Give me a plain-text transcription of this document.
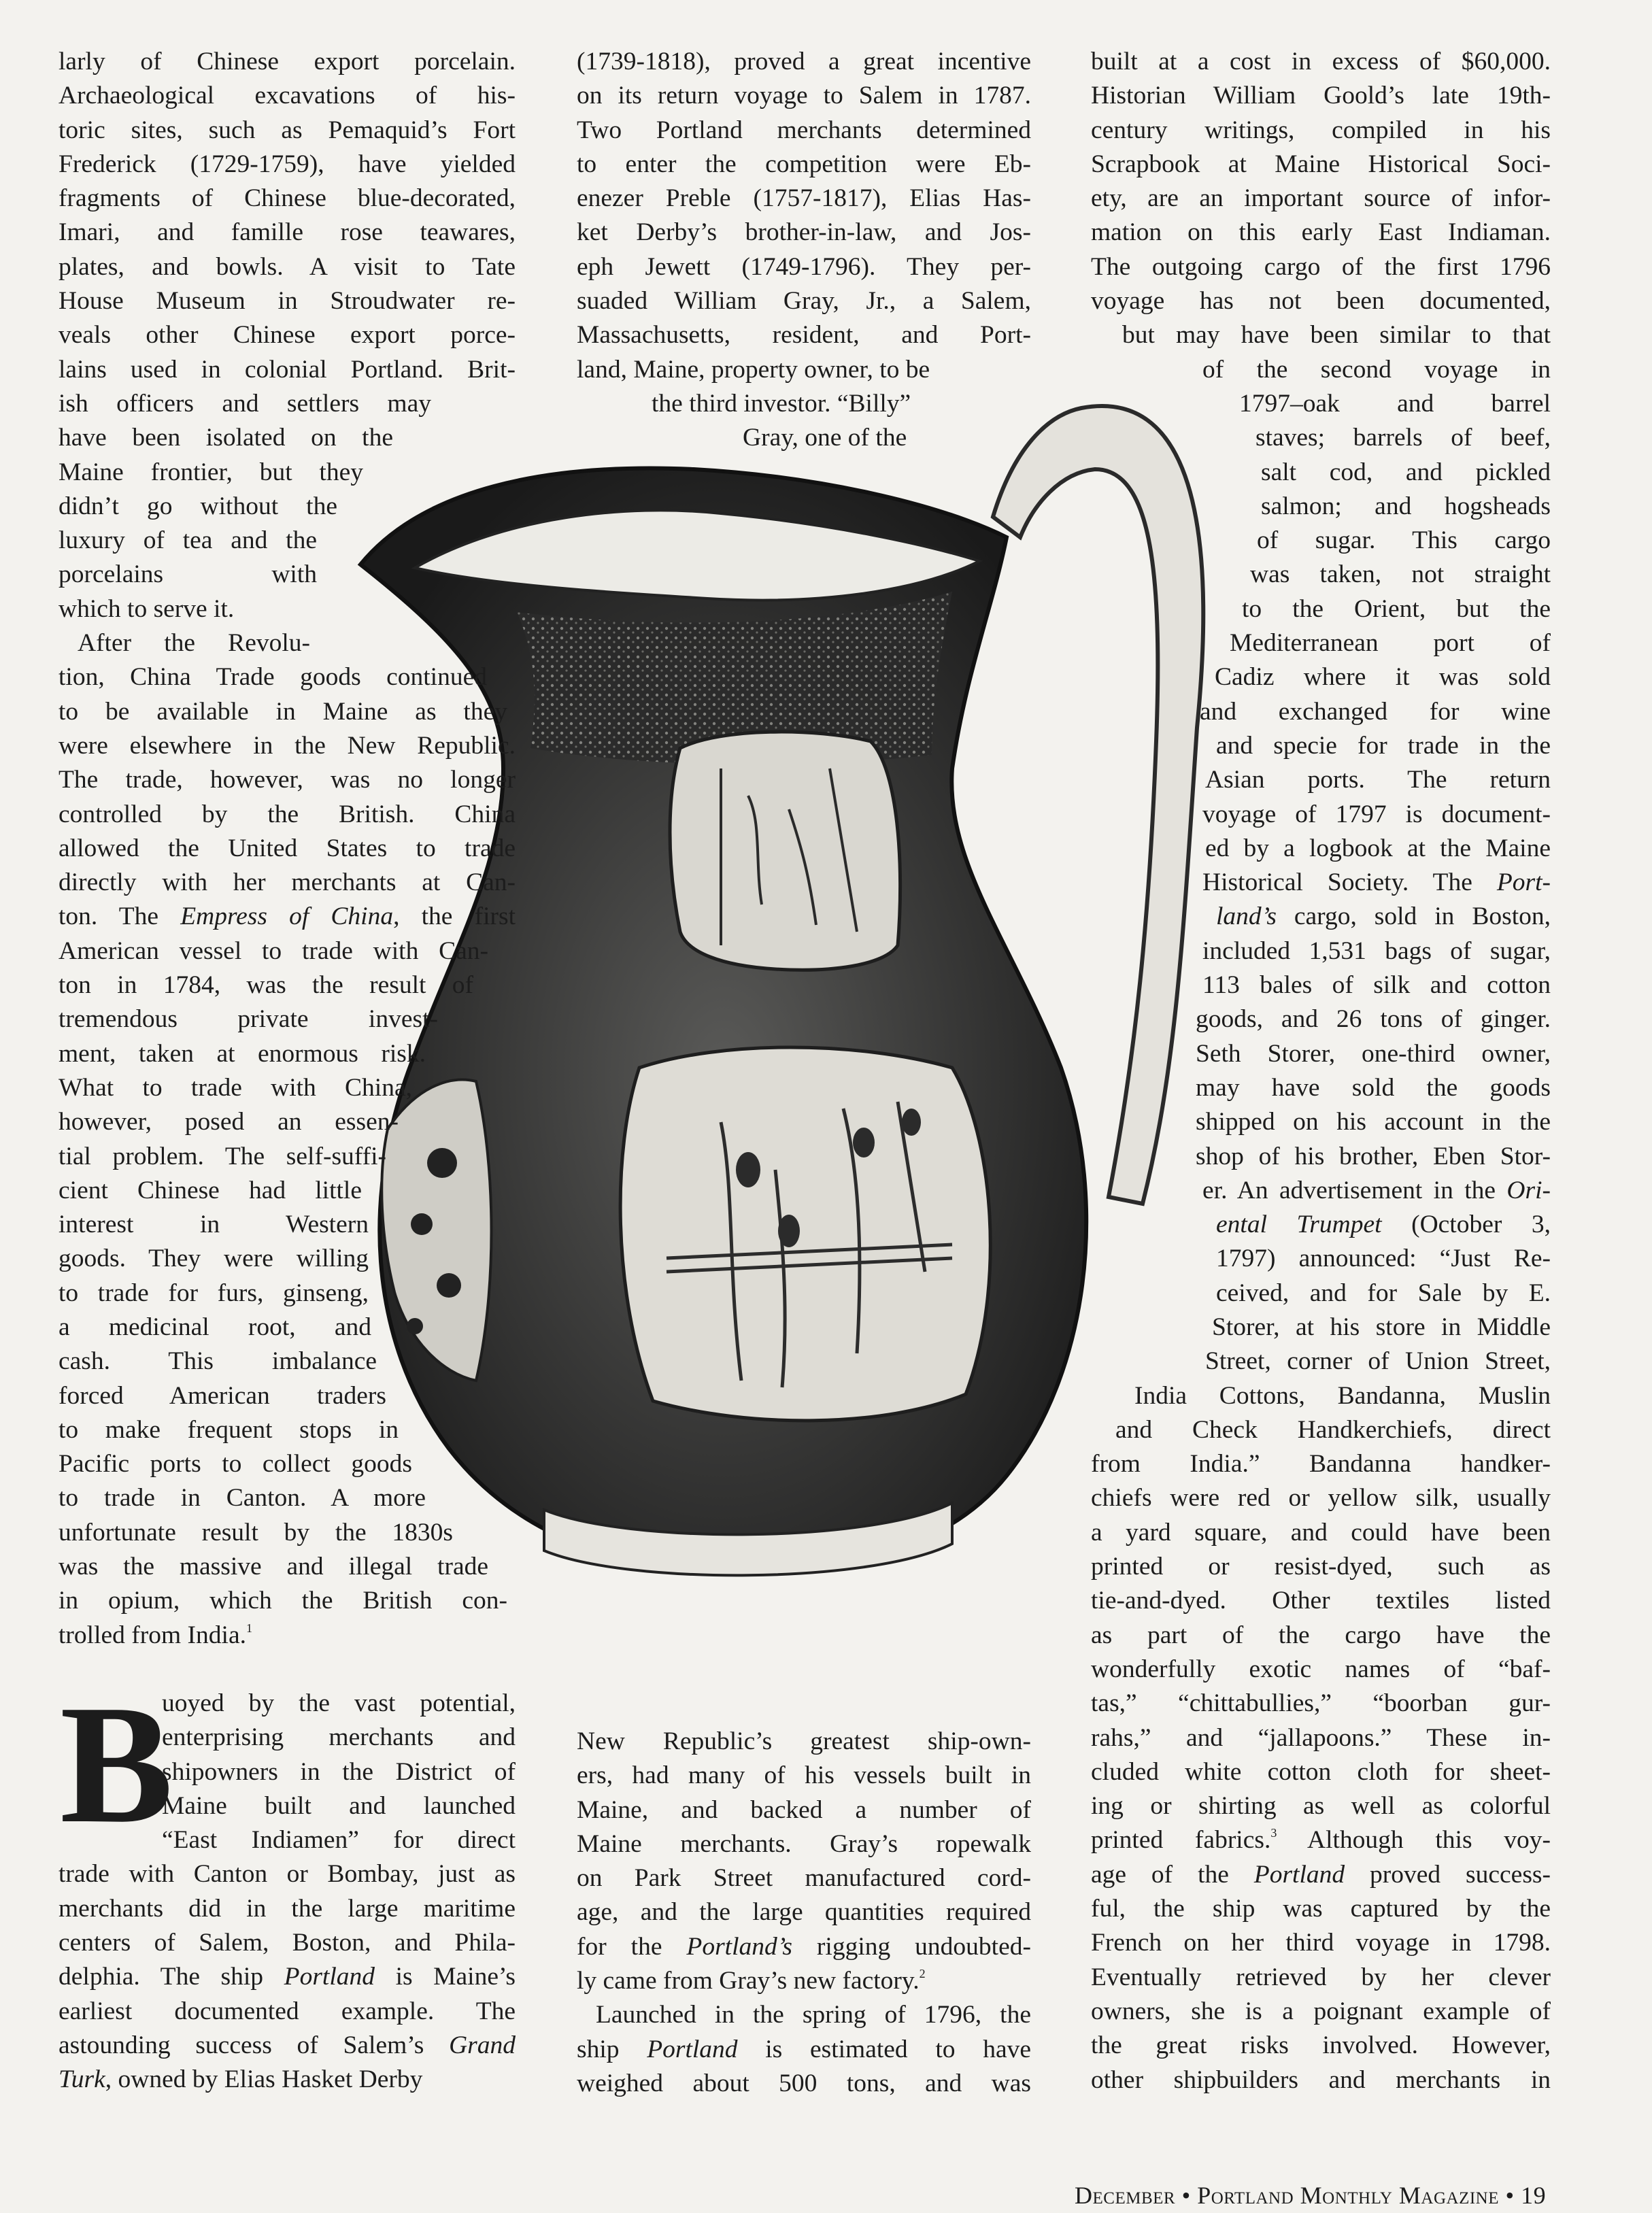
larly of Chinese export porcelain.
Archaeological excavations of his-
toric sites, such as Pemaquid’s Fort
Frederick (1729-1759), have yielded
fragments of Chinese blue-decorated,
Imari, and famille rose teawares,
plates, and bowls. A visit to Tate
House Museum in Stroudwater re-
veals other Chinese export porce-
lains used in colonial Portland. Brit-
ish officers and settlers may
have been isolated on the
Maine frontier, but they
didn’t go without the
luxury of tea and the
porcelains with
which to serve it.
After the Revolu-
tion, China Trade goods continued
to be available in Maine as they
were elsewhere in the New Republic.
The trade, however, was no longer
controlled by the British. China
allowed the United States to trade
directly with her merchants at Can-
ton. The Empress of China, the first
American vessel to trade with Can-
ton in 1784, was the result of
tremendous private invest-
ment, taken at enormous risk.
What to trade with China,
however, posed an essen-
tial problem. The self-suffi-
cient Chinese had little
interest in Western
goods. They were willing
to trade for furs, ginseng,
a medicinal root, and
cash. This imbalance
forced American traders
to make frequent stops in
Pacific ports to collect goods
to trade in Canton. A more
unfortunate result by the 1830s
was the massive and illegal trade
in opium, which the British con-
trolled from India.$^1$

uoyed by the vast potential,
enterprising merchants and
shipowners in the District of
Maine built and launched
“East Indiamen” for direct
trade with Canton or Bombay, just as
merchants did in the large maritime
centers of Salem, Boston, and Phila-
delphia. The ship Portland is Maine’s
earliest documented example. The
astounding success of Salem’s Grand
Turk, owned by Elias Hasket Derby

B

(1739-1818), proved a great incentive
on its return voyage to Salem in 1787.
Two Portland merchants determined
to enter the competition were Eb-
enezer Preble (1757-1817), Elias Has-
ket Derby’s brother-in-law, and Jos-
eph Jewett (1749-1796). They per-
suaded William Gray, Jr., a Salem,
Massachusetts, resident, and Port-
land, Maine, property owner, to be
the third investor. “Billy”
Gray, one of the

New Republic’s greatest ship-own-
ers, had many of his vessels built in
Maine, and backed a number of
Maine merchants. Gray’s ropewalk
on Park Street manufactured cord-
age, and the large quantities required
for the Portland’s rigging undoubted-
ly came from Gray’s new factory.$^2$
Launched in the spring of 1796, the
ship Portland is estimated to have
weighed about 500 tons, and was

built at a cost in excess of $60,000.
Historian William Goold’s late 19th-
century writings, compiled in his
Scrapbook at Maine Historical Soci-
ety, are an important source of infor-
mation on this early East Indiaman.
The outgoing cargo of the first 1796
voyage has not been documented,
but may have been similar to that
of the second voyage in
1797–oak and barrel
staves; barrels of beef,
salt cod, and pickled
salmon; and hogsheads
of sugar. This cargo
was taken, not straight
to the Orient, but the
Mediterranean port of
Cadiz where it was sold
and exchanged for wine
and specie for trade in the
Asian ports. The return
voyage of 1797 is document-
ed by a logbook at the Maine
Historical Society. The Port-
land’s cargo, sold in Boston,
included 1,531 bags of sugar,
113 bales of silk and cotton
goods, and 26 tons of ginger.
Seth Storer, one-third owner,
may have sold the goods
shipped on his account in the
shop of his brother, Eben Stor-
er. An advertisement in the Ori-
ental Trumpet (October 3,
1797) announced: “Just Re-
ceived, and for Sale by E.
Storer, at his store in Middle
Street, corner of Union Street,
India Cottons, Bandanna, Muslin
and Check Handkerchiefs, direct
from India.” Bandanna handker-
chiefs were red or yellow silk, usually
a yard square, and could have been
printed or resist-dyed, such as
tie-and-dyed. Other textiles listed
as part of the cargo have the
wonderfully exotic names of “baf-
tas,” “chittabullies,” “boorban gur-
rahs,” and “jallapoons.” These in-
cluded white cotton cloth for sheet-
ing or shirting as well as colorful
printed fabrics.$^3$ Although this voy-
age of the Portland proved success-
ful, the ship was captured by the
French on her third voyage in 1798.
Eventually retrieved by her clever
owners, she is a poignant example of
the great risks involved. However,
other shipbuilders and merchants in

December • Portland Monthly Magazine • 19
